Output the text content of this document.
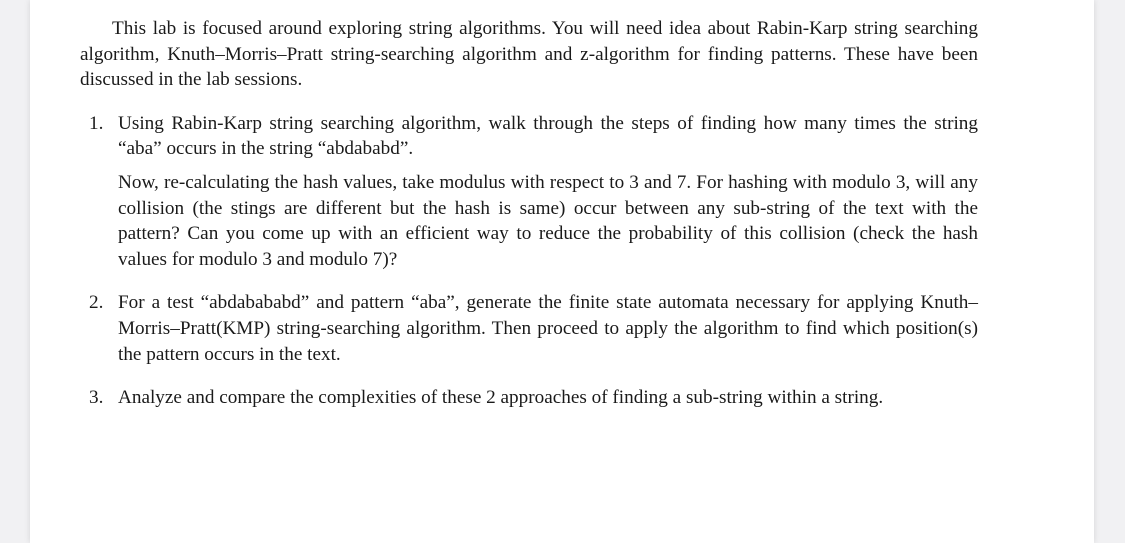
This lab is focused around exploring string algorithms. You will need idea about Rabin-Karp string searching algorithm, Knuth–Morris–Pratt string-searching algorithm and z-algorithm for finding patterns. These have been discussed in the lab sessions.

1. Using Rabin-Karp string searching algorithm, walk through the steps of finding how many times the string “aba” occurs in the string “abdababd”.

Now, re-calculating the hash values, take modulus with respect to 3 and 7. For hashing with modulo 3, will any collision (the stings are different but the hash is same) occur between any sub-string of the text with the pattern? Can you come up with an efficient way to reduce the probability of this collision (check the hash values for modulo 3 and modulo 7)?

2. For a test “abdabababd” and pattern “aba”, generate the finite state automata necessary for applying Knuth–Morris–Pratt(KMP) string-searching algorithm. Then proceed to apply the algorithm to find which position(s) the pattern occurs in the text.

3. Analyze and compare the complexities of these 2 approaches of finding a sub-string within a string.
